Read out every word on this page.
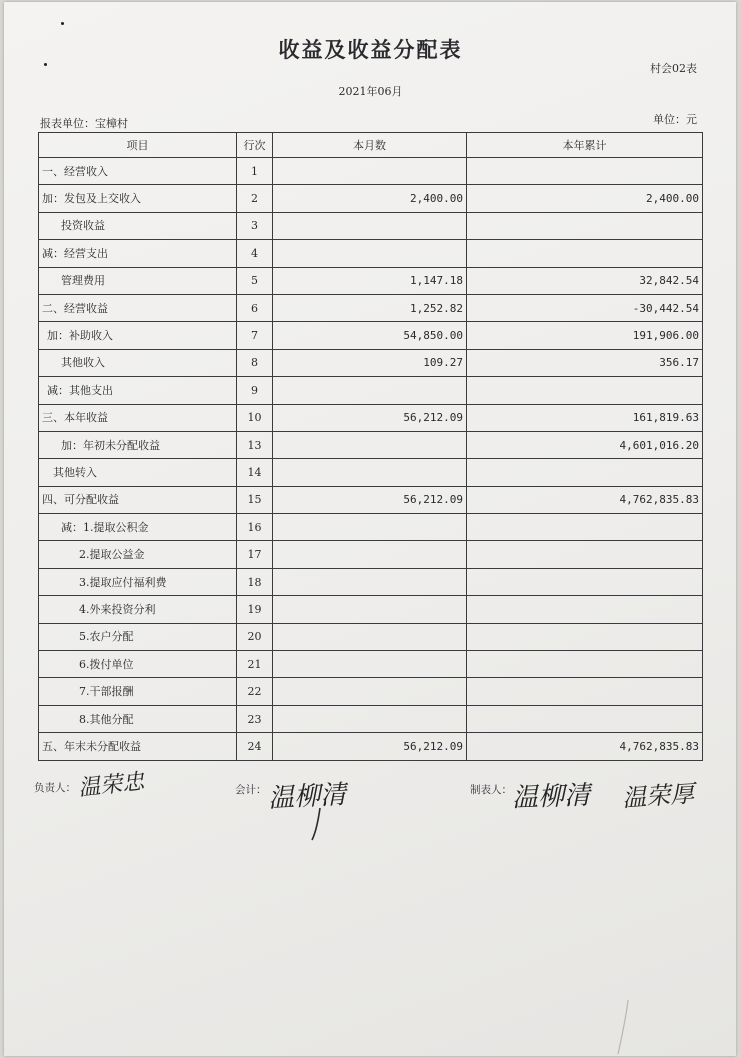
收益及收益分配表
村会02表
2021年06月
报表单位：宝樟村	单位：元
项目	行次	本月数	本年累计
一、经营收入	1		
加：发包及上交收入	2	2,400.00	2,400.00
投资收益	3		
减：经营支出	4		
管理费用	5	1,147.18	32,842.54
二、经营收益	6	1,252.82	-30,442.54
加：补助收入	7	54,850.00	191,906.00
其他收入	8	109.27	356.17
减：其他支出	9		
三、本年收益	10	56,212.09	161,819.63
加：年初未分配收益	13		4,601,016.20
其他转入	14		
四、可分配收益	15	56,212.09	4,762,835.83
减：1.提取公积金	16		
2.提取公益金	17		
3.提取应付福利费	18		
4.外来投资分利	19		
5.农户分配	20		
6.拨付单位	21		
7.干部报酬	22		
8.其他分配	23		
五、年末未分配收益	24	56,212.09	4,762,835.83
负责人： 温荣忠	会计： 温柳清	制表人： 温柳清 温荣厚
